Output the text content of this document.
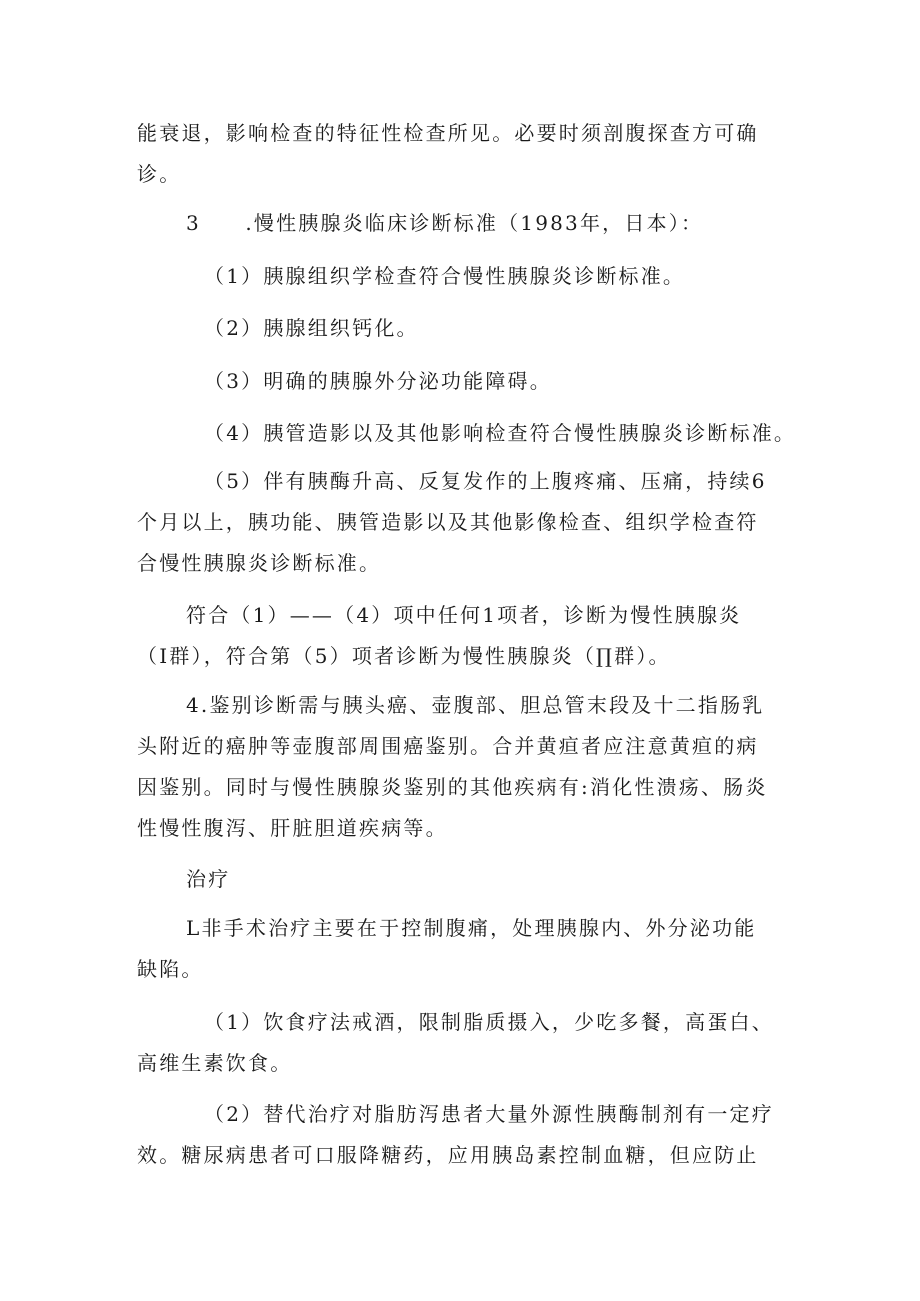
能衰退，影响检查的特征性检查所见。必要时须剖腹探查方可确
诊。
3　　.慢性胰腺炎临床诊断标准（1983年，日本）：
（1）胰腺组织学检查符合慢性胰腺炎诊断标准。
（2）胰腺组织钙化。
（3）明确的胰腺外分泌功能障碍。
（4）胰管造影以及其他影响检查符合慢性胰腺炎诊断标准。
（5）伴有胰酶升高、反复发作的上腹疼痛、压痛，持续6
个月以上，胰功能、胰管造影以及其他影像检查、组织学检查符
合慢性胰腺炎诊断标准。
符合（1）——（4）项中任何1项者，诊断为慢性胰腺炎
（I群），符合第（5）项者诊断为慢性胰腺炎（∏群）。
4.鉴别诊断需与胰头癌、壶腹部、胆总管末段及十二指肠乳
头附近的癌肿等壶腹部周围癌鉴别。合并黄疸者应注意黄疸的病
因鉴别。同时与慢性胰腺炎鉴别的其他疾病有:消化性溃疡、肠炎
性慢性腹泻、肝脏胆道疾病等。
治疗
L非手术治疗主要在于控制腹痛，处理胰腺内、外分泌功能
缺陷。
（1）饮食疗法戒酒，限制脂质摄入，少吃多餐，高蛋白、
高维生素饮食。
（2）替代治疗对脂肪泻患者大量外源性胰酶制剂有一定疗
效。糖尿病患者可口服降糖药，应用胰岛素控制血糖，但应防止
